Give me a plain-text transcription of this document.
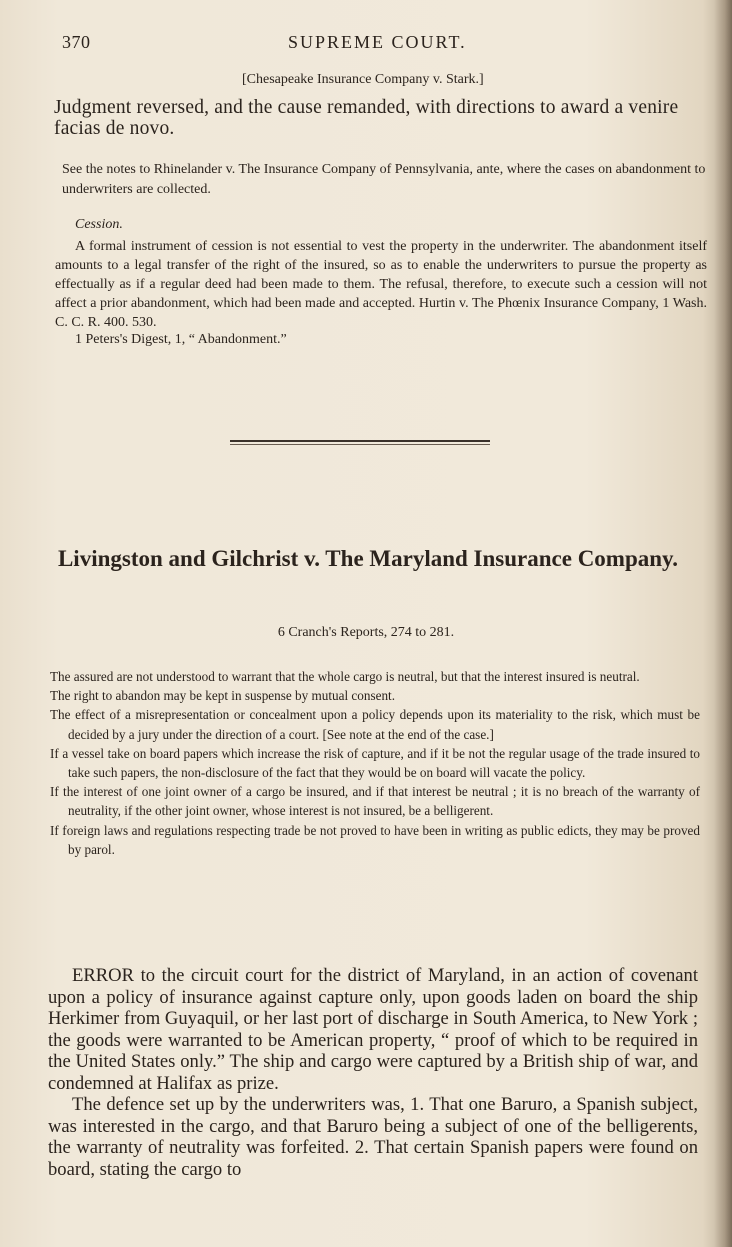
370	SUPREME COURT.
[Chesapeake Insurance Company v. Stark.]
Judgment reversed, and the cause remanded, with directions to award a venire facias de novo.
See the notes to Rhinelander v. The Insurance Company of Pennsylvania, ante, where the cases on abandonment to underwriters are collected.
Cession.
A formal instrument of cession is not essential to vest the property in the underwriter. The abandonment itself amounts to a legal transfer of the right of the insured, so as to enable the underwriters to pursue the property as effectually as if a regular deed had been made to them. The refusal, therefore, to execute such a cession will not affect a prior abandonment, which had been made and accepted. Hurtin v. The Phœnix Insurance Company, 1 Wash. C. C. R. 400. 530.
1 Peters's Digest, 1, “ Abandonment.”
Livingston and Gilchrist v. The Maryland Insurance Company.
6 Cranch's Reports, 274 to 281.

The assured are not understood to warrant that the whole cargo is neutral, but that the interest insured is neutral.

The right to abandon may be kept in suspense by mutual consent.

The effect of a misrepresentation or concealment upon a policy depends upon its materiality to the risk, which must be decided by a jury under the direction of a court. [See note at the end of the case.]

If a vessel take on board papers which increase the risk of capture, and if it be not the regular usage of the trade insured to take such papers, the non-disclosure of the fact that they would be on board will vacate the policy.

If the interest of one joint owner of a cargo be insured, and if that interest be neutral ; it is no breach of the warranty of neutrality, if the other joint owner, whose interest is not insured, be a belligerent.

If foreign laws and regulations respecting trade be not proved to have been in writing as public edicts, they may be proved by parol.

ERROR to the circuit court for the district of Maryland, in an action of covenant upon a policy of insurance against capture only, upon goods laden on board the ship Herkimer from Guyaquil, or her last port of discharge in South America, to New York ; the goods were warranted to be American property, “ proof of which to be required in the United States only.” The ship and cargo were captured by a British ship of war, and condemned at Halifax as prize.

The defence set up by the underwriters was, 1. That one Baruro, a Spanish subject, was interested in the cargo, and that Baruro being a subject of one of the belligerents, the warranty of neutrality was forfeited. 2. That certain Spanish papers were found on board, stating the cargo to
